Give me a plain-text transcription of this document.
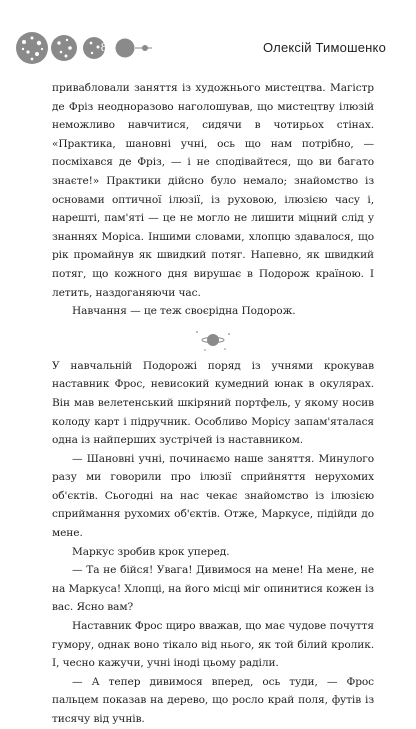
8	Олексій Тимошенко

привабловали заняття із художнього мистецтва. Магістр де Фріз неодноразово наголошував, що мистецтву ілюзій неможливо навчитися, сидячи в чотирьох стінах. «Практика, шановні учні, ось що нам потрібно, — посміхався де Фріз, — і не сподівайтеся, що ви багато знаєте!» Практики дійсно було немало; знайомство із основами оптичної ілюзії, із руховою, ілюзією часу і, нарешті, пам'яті — це не могло не лишити міцний слід у знаннях Моріса. Іншими словами, хлопцю здавалося, що рік промайнув як швидкий потяг. Напевно, як швидкий потяг, що кожного дня вирушає в Подорож країною. І летить, наздоганяючи час.

Навчання — це теж своєрідна Подорож.

У навчальній Подорожі поряд із учнями крокував наставник Фрос, невисокий кумедний юнак в окулярах. Він мав велетенський шкіряний портфель, у якому носив колоду карт і підручник. Особливо Морісу запам'яталася одна із найперших зустрічей із наставником.

— Шановні учні, починаємо наше заняття. Минулого разу ми говорили про ілюзії сприйняття нерухомих об'єктів. Сьогодні на нас чекає знайомство із ілюзією сприймання рухомих об'єктів. Отже, Маркусе, підійди до мене.

Маркус зробив крок уперед.

— Та не бійся! Увага! Дивимося на мене! На мене, не на Маркуса! Хлопці, на його місці міг опинитися кожен із вас. Ясно вам?

Наставник Фрос щиро вважав, що має чудове почуття гумору, однак воно тікало від нього, як той білий кролик. І, чесно кажучи, учні іноді цьому раділи.

— А тепер дивимося вперед, ось туди, — Фрос пальцем показав на дерево, що росло край поля, футів із тисячу від учнів.
